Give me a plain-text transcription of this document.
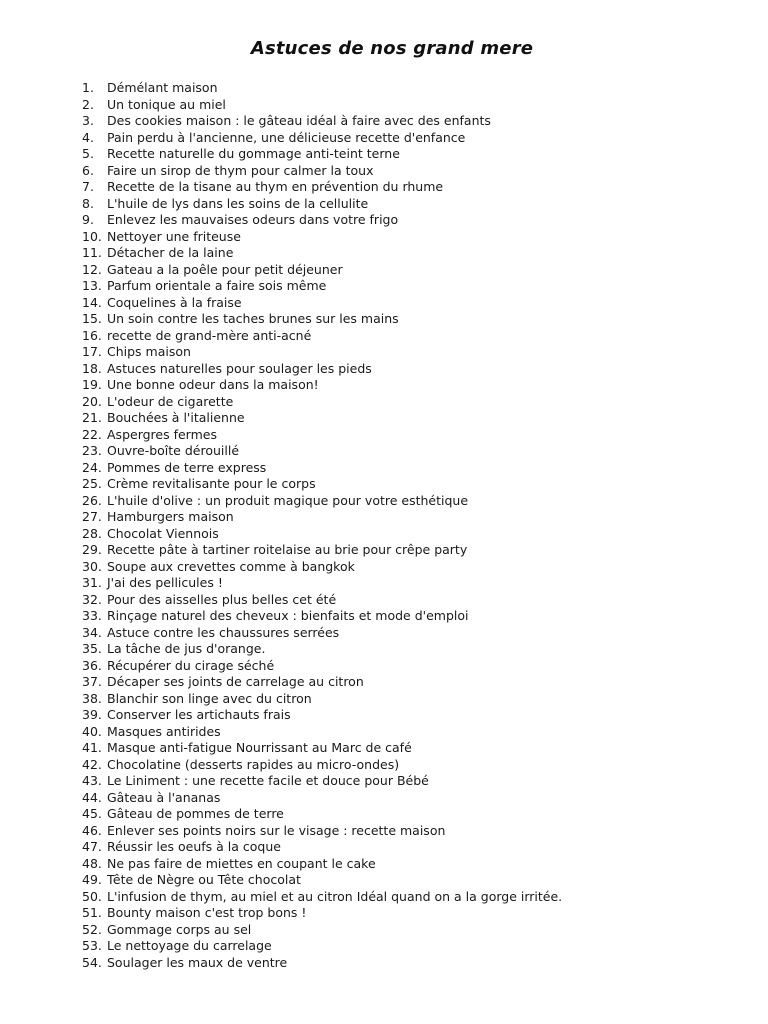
Astuces de nos grand mere
1.	Démélant maison
2.	Un tonique au miel
3.	Des cookies maison : le gâteau idéal à faire avec des enfants
4.	Pain perdu à l'ancienne, une délicieuse recette d'enfance
5.	Recette naturelle du gommage anti-teint terne
6.	Faire un sirop de thym pour calmer la toux
7.	Recette de la tisane au thym en prévention du rhume
8.	L'huile de lys dans les soins de la cellulite
9.	Enlevez les mauvaises odeurs dans votre frigo
10. Nettoyer une friteuse
11. Détacher de la laine
12. Gateau a la poêle pour petit déjeuner
13. Parfum orientale a faire sois même
14. Coquelines à la fraise
15. Un soin contre les taches brunes sur les mains
16. recette de grand-mère anti-acné
17. Chips maison
18. Astuces naturelles pour soulager les pieds
19. Une bonne odeur dans la maison!
20. L'odeur de cigarette
21. Bouchées à l'italienne
22. Aspergres fermes
23. Ouvre-boîte dérouillé
24. Pommes de terre express
25. Crème revitalisante pour le corps
26. L'huile d'olive : un produit magique pour votre esthétique
27. Hamburgers maison
28. Chocolat Viennois
29. Recette pâte à tartiner roitelaise au brie pour crêpe party
30. Soupe aux crevettes comme à bangkok
31. J'ai des pellicules !
32. Pour des aisselles plus belles cet été
33. Rinçage naturel des cheveux : bienfaits et mode d'emploi
34. Astuce contre les chaussures serrées
35. La tâche de jus d'orange.
36. Récupérer du cirage séché
37. Décaper ses joints de carrelage au citron
38. Blanchir son linge avec du citron
39. Conserver les artichauts frais
40. Masques antirides
41. Masque anti-fatigue Nourrissant au Marc de café
42. Chocolatine (desserts rapides au micro-ondes)
43. Le Liniment : une recette facile et douce pour Bébé
44. Gâteau à l'ananas
45. Gâteau de pommes de terre
46. Enlever ses points noirs sur le visage : recette maison
47. Réussir les oeufs à la coque
48. Ne pas faire de miettes en coupant le cake
49. Tête de Nègre ou Tête chocolat
50. L'infusion de thym, au miel et au citron Idéal quand on a la gorge irritée.
51. Bounty maison c'est trop bons !
52. Gommage corps au sel
53. Le nettoyage du carrelage
54. Soulager les maux de ventre
